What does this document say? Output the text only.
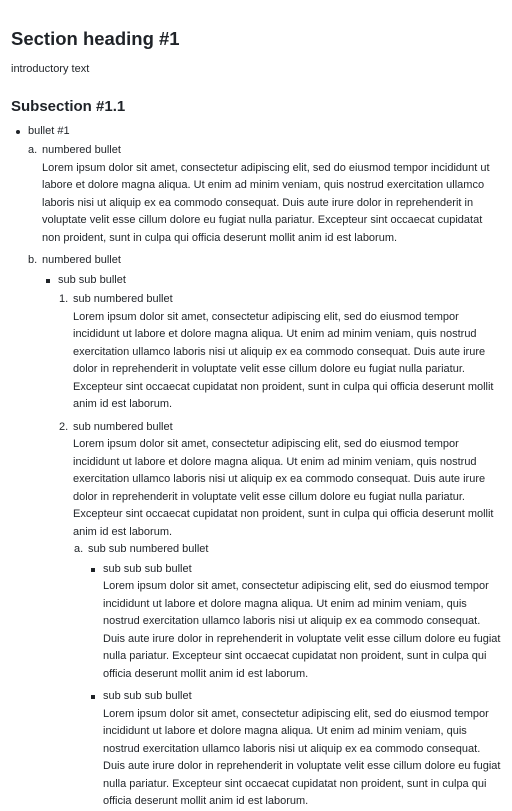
Section heading #1

introductory text

Subsection #1.1
bullet #1
a. numbered bullet
Lorem ipsum dolor sit amet, consectetur adipiscing elit, sed do eiusmod tempor incididunt ut labore et dolore magna aliqua. Ut enim ad minim veniam, quis nostrud exercitation ullamco laboris nisi ut aliquip ex ea commodo consequat. Duis aute irure dolor in reprehenderit in voluptate velit esse cillum dolore eu fugiat nulla pariatur. Excepteur sint occaecat cupidatat non proident, sunt in culpa qui officia deserunt mollit anim id est laborum.
b. numbered bullet
sub sub bullet
1. sub numbered bullet
Lorem ipsum dolor sit amet, consectetur adipiscing elit, sed do eiusmod tempor incididunt ut labore et dolore magna aliqua. Ut enim ad minim veniam, quis nostrud exercitation ullamco laboris nisi ut aliquip ex ea commodo consequat. Duis aute irure dolor in reprehenderit in voluptate velit esse cillum dolore eu fugiat nulla pariatur. Excepteur sint occaecat cupidatat non proident, sunt in culpa qui officia deserunt mollit anim id est laborum.
2. sub numbered bullet
Lorem ipsum dolor sit amet, consectetur adipiscing elit, sed do eiusmod tempor incididunt ut labore et dolore magna aliqua. Ut enim ad minim veniam, quis nostrud exercitation ullamco laboris nisi ut aliquip ex ea commodo consequat. Duis aute irure dolor in reprehenderit in voluptate velit esse cillum dolore eu fugiat nulla pariatur. Excepteur sint occaecat cupidatat non proident, sunt in culpa qui officia deserunt mollit anim id est laborum.
a. sub sub numbered bullet
sub sub sub bullet
Lorem ipsum dolor sit amet, consectetur adipiscing elit, sed do eiusmod tempor incididunt ut labore et dolore magna aliqua. Ut enim ad minim veniam, quis nostrud exercitation ullamco laboris nisi ut aliquip ex ea commodo consequat. Duis aute irure dolor in reprehenderit in voluptate velit esse cillum dolore eu fugiat nulla pariatur. Excepteur sint occaecat cupidatat non proident, sunt in culpa qui officia deserunt mollit anim id est laborum.
sub sub sub bullet
Lorem ipsum dolor sit amet, consectetur adipiscing elit, sed do eiusmod tempor incididunt ut labore et dolore magna aliqua. Ut enim ad minim veniam, quis nostrud exercitation ullamco laboris nisi ut aliquip ex ea commodo consequat. Duis aute irure dolor in reprehenderit in voluptate velit esse cillum dolore eu fugiat nulla pariatur. Excepteur sint occaecat cupidatat non proident, sunt in culpa qui officia deserunt mollit anim id est laborum.
